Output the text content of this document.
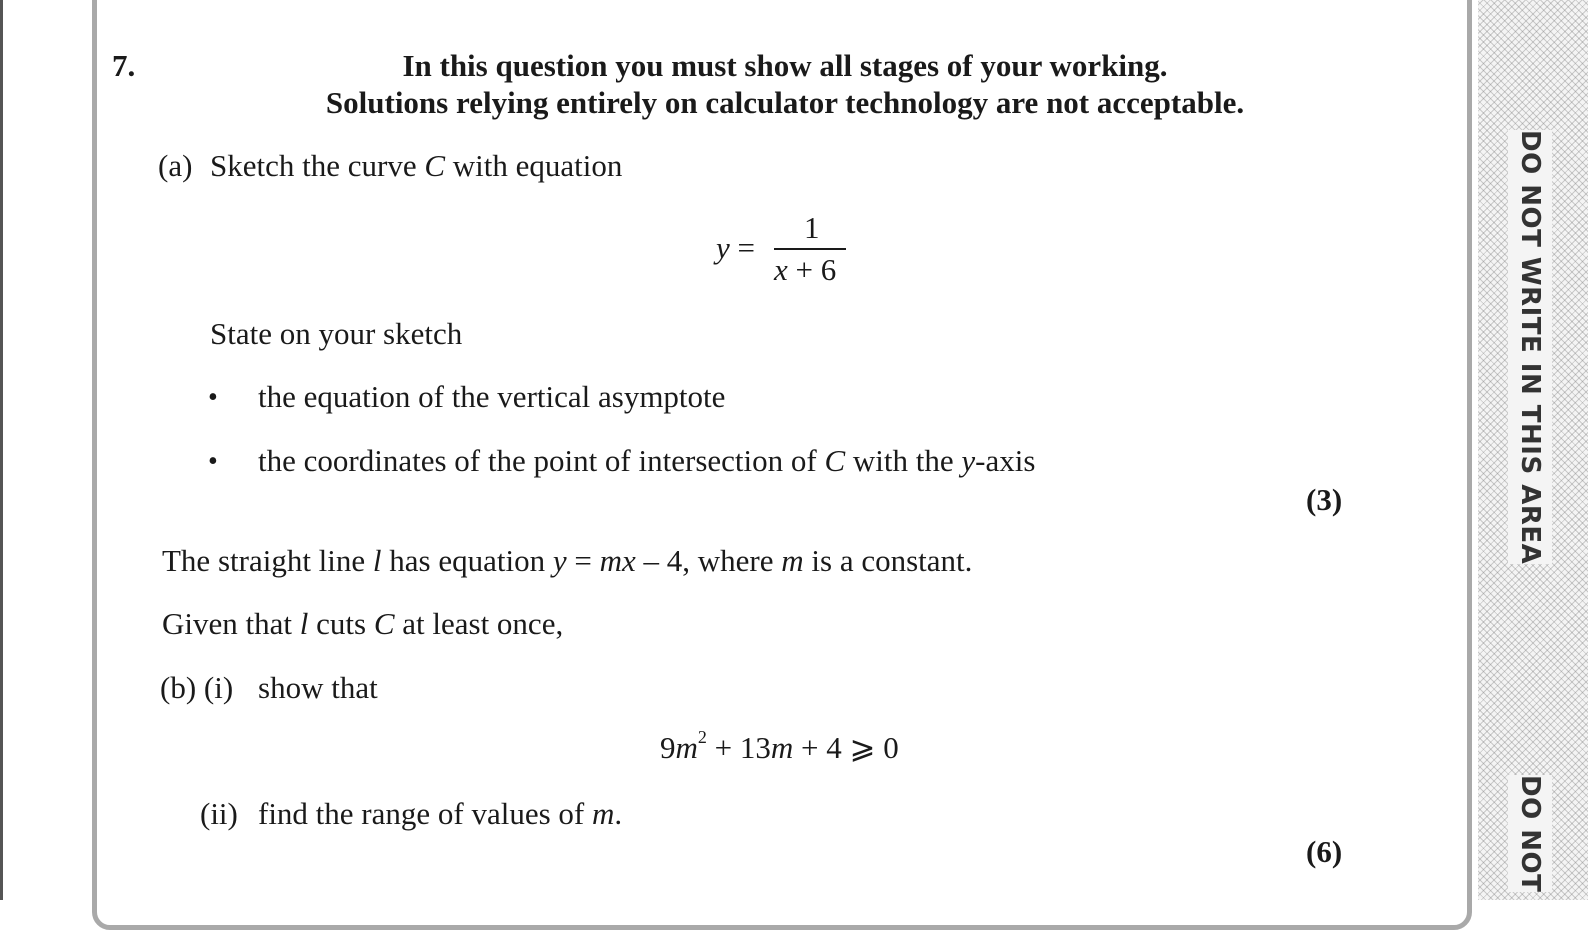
DO NOT WRITE IN THIS AREA
DO NOT
7.	In this question you must show all stages of your working.
Solutions relying entirely on calculator technology are not acceptable.
(a) Sketch the curve C with equation
y =
1
x + 6
State on your sketch
• the equation of the vertical asymptote
• the coordinates of the point of intersection of C with the y-axis
(3)
The straight line l has equation y = mx – 4, where m is a constant.
Given that l cuts C at least once,
(b) (i) show that
$9m^2 + 13m + 4$ ⩾ 0
(ii) find the range of values of m.
(6)
